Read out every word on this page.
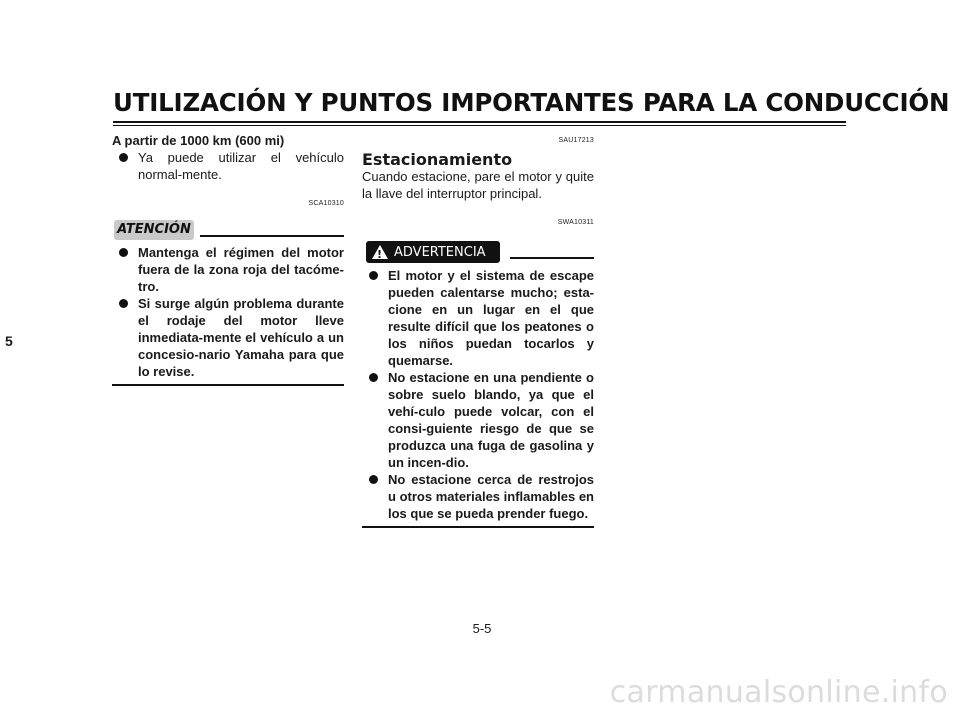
UTILIZACIÓN Y PUNTOS IMPORTANTES PARA LA CONDUCCIÓN
5
A partir de 1000 km (600 mi)
Ya puede utilizar el vehículo normal-mente.
SCA10310
ATENCIÓN
Mantenga el régimen del motor fuera de la zona roja del tacóme-tro.
Si surge algún problema durante el rodaje del motor lleve inmediata-mente el vehículo a un concesio-nario Yamaha para que lo revise.
SAU17213
Estacionamiento
Cuando estacione, pare el motor y quite la llave del interruptor principal.
SWA10311
!
ADVERTENCIA
El motor y el sistema de escape pueden calentarse mucho; esta-cione en un lugar en el que resulte difícil que los peatones o los niños puedan tocarlos y quemarse.
No estacione en una pendiente o sobre suelo blando, ya que el vehí-culo puede volcar, con el consi-guiente riesgo de que se produzca una fuga de gasolina y un incen-dio.
No estacione cerca de restrojos u otros materiales inflamables en los que se pueda prender fuego.
5-5
carmanualsonline.info
